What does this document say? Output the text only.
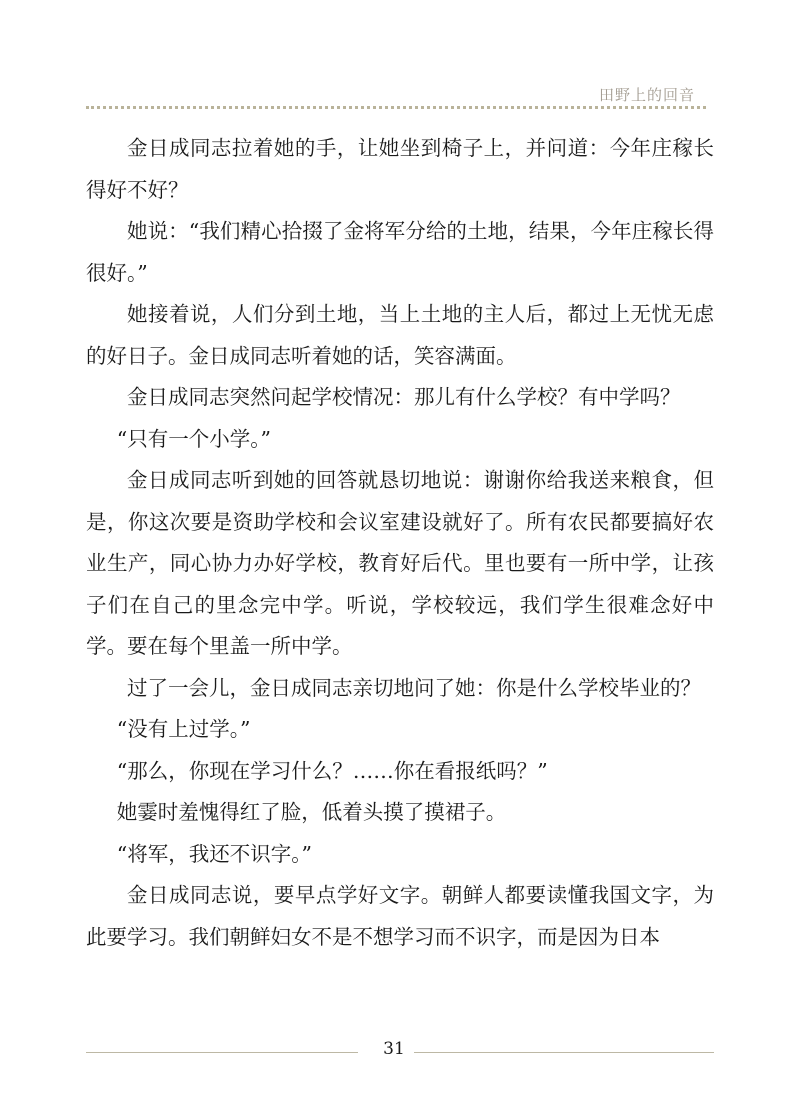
田野上的回音

金日成同志拉着她的手，让她坐到椅子上，并问道：今年庄稼长得好不好？

她说：“我们精心拾掇了金将军分给的土地，结果，今年庄稼长得很好。”

她接着说，人们分到土地，当上土地的主人后，都过上无忧无虑的好日子。金日成同志听着她的话，笑容满面。

金日成同志突然问起学校情况：那儿有什么学校？有中学吗？

“只有一个小学。”

金日成同志听到她的回答就恳切地说：谢谢你给我送来粮食，但是，你这次要是资助学校和会议室建设就好了。所有农民都要搞好农业生产，同心协力办好学校，教育好后代。里也要有一所中学，让孩子们在自己的里念完中学。听说，学校较远，我们学生很难念好中学。要在每个里盖一所中学。

过了一会儿，金日成同志亲切地问了她：你是什么学校毕业的？

“没有上过学。”

“那么，你现在学习什么？……你在看报纸吗？”

她霎时羞愧得红了脸，低着头摸了摸裙子。

“将军，我还不识字。”

金日成同志说，要早点学好文字。朝鲜人都要读懂我国文字，为此要学习。我们朝鲜妇女不是不想学习而不识字，而是因为日本

31
